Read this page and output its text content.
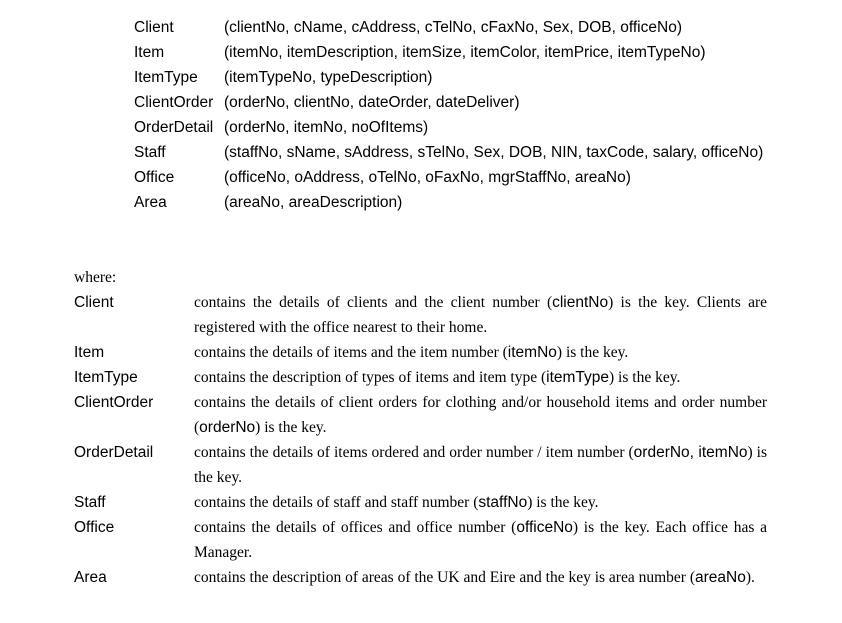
Client	(clientNo, cName, cAddress, cTelNo, cFaxNo, Sex, DOB, officeNo)
Item	(itemNo, itemDescription, itemSize, itemColor, itemPrice, itemTypeNo)
ItemType	(itemTypeNo, typeDescription)
ClientOrder (orderNo, clientNo, dateOrder, dateDeliver)
OrderDetail (orderNo, itemNo, noOfItems)
Staff	(staffNo, sName, sAddress, sTelNo, Sex, DOB, NIN, taxCode, salary, officeNo)
Office	(officeNo, oAddress, oTelNo, oFaxNo, mgrStaffNo, areaNo)
Area	(areaNo, areaDescription)
where:
Client	contains the details of clients and the client number (clientNo) is the key. Clients are registered with the office nearest to their home.
Item	contains the details of items and the item number (itemNo) is the key.
ItemType	contains the description of types of items and item type (itemType) is the key.
ClientOrder	contains the details of client orders for clothing and/or household items and order number (orderNo) is the key.
OrderDetail	contains the details of items ordered and order number / item number (orderNo, itemNo) is the key.
Staff	contains the details of staff and staff number (staffNo) is the key.
Office	contains the details of offices and office number (officeNo) is the key. Each office has a Manager.
Area	contains the description of areas of the UK and Eire and the key is area number (areaNo).
